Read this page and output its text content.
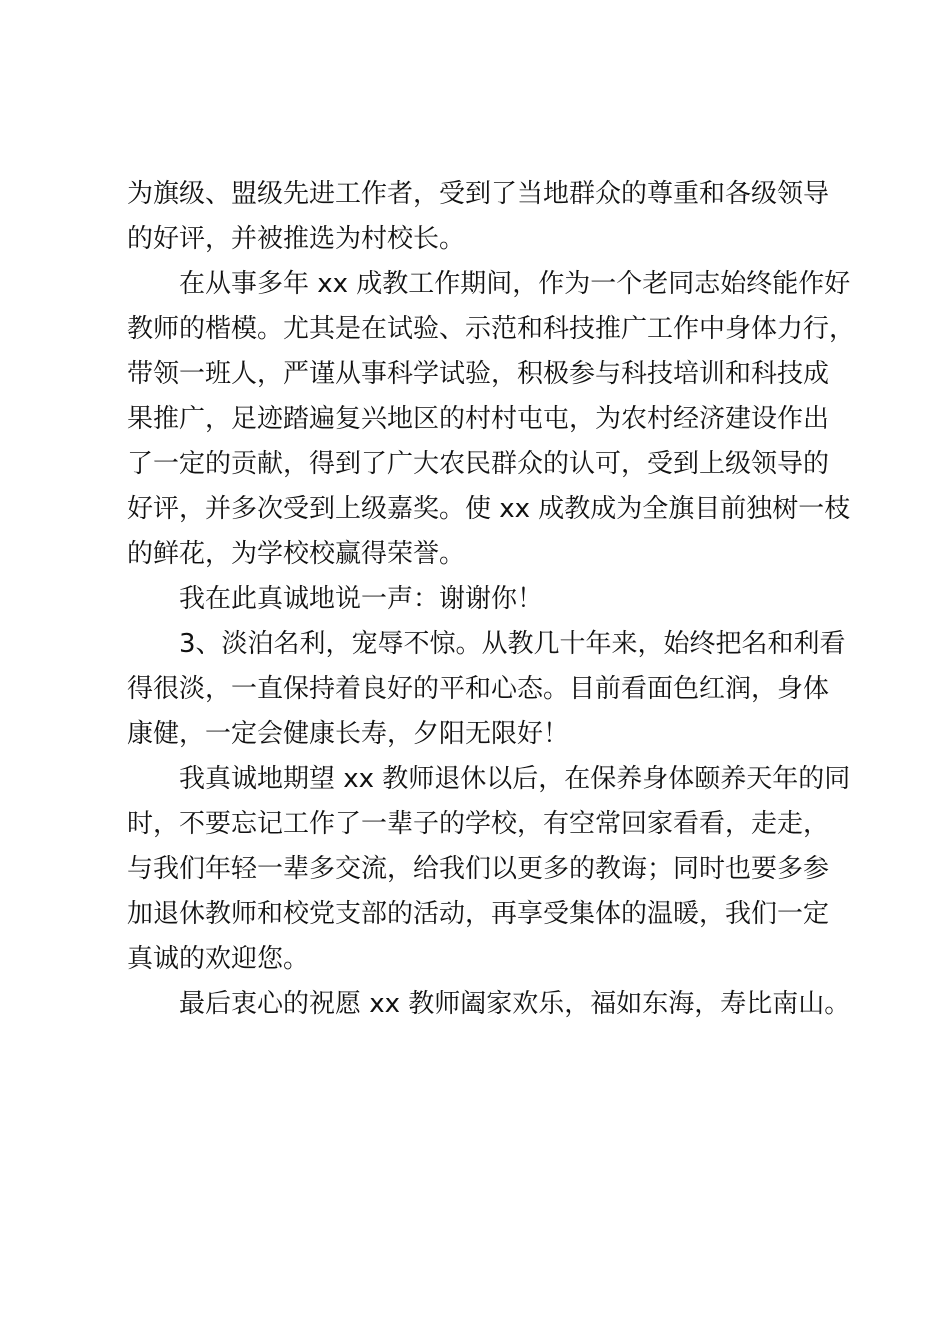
为旗级、盟级先进工作者，受到了当地群众的尊重和各级领导
的好评，并被推选为村校长。
在从事多年 xx 成教工作期间，作为一个老同志始终能作好
教师的楷模。尤其是在试验、示范和科技推广工作中身体力行，
带领一班人，严谨从事科学试验，积极参与科技培训和科技成
果推广，足迹踏遍复兴地区的村村屯屯，为农村经济建设作出
了一定的贡献，得到了广大农民群众的认可，受到上级领导的
好评，并多次受到上级嘉奖。使 xx 成教成为全旗目前独树一枝
的鲜花，为学校校赢得荣誉。
我在此真诚地说一声：谢谢你！
3、淡泊名利，宠辱不惊。从教几十年来，始终把名和利看
得很淡，一直保持着良好的平和心态。目前看面色红润，身体
康健，一定会健康长寿，夕阳无限好！
我真诚地期望 xx 教师退休以后，在保养身体颐养天年的同
时，不要忘记工作了一辈子的学校，有空常回家看看，走走，
与我们年轻一辈多交流，给我们以更多的教诲；同时也要多参
加退休教师和校党支部的活动，再享受集体的温暖，我们一定
真诚的欢迎您。
最后衷心的祝愿 xx 教师阖家欢乐，福如东海，寿比南山。
